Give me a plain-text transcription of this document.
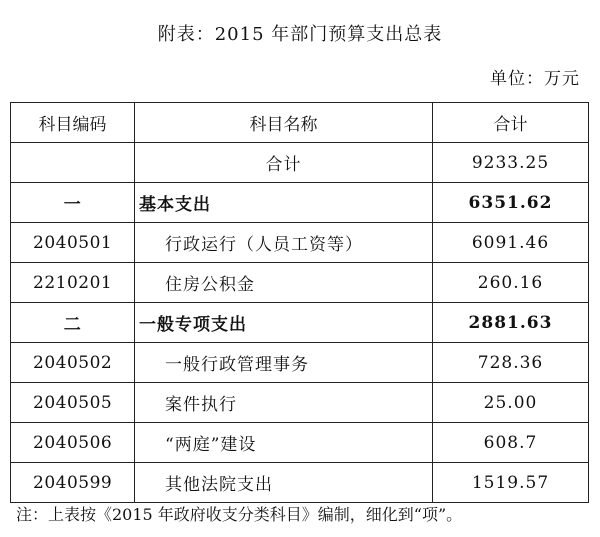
附表：2015 年部门预算支出总表
单位：万元
科目编码	科目名称	合计
	合计	9233.25
一	基本支出	6351.62
2040501	行政运行（人员工资等）	6091.46
2210201	住房公积金	260.16
二	一般专项支出	2881.63
2040502	一般行政管理事务	728.36
2040505	案件执行	25.00
2040506	“两庭”建设	608.7
2040599	其他法院支出	1519.57
注：上表按《2015 年政府收支分类科目》编制，细化到“项”。
